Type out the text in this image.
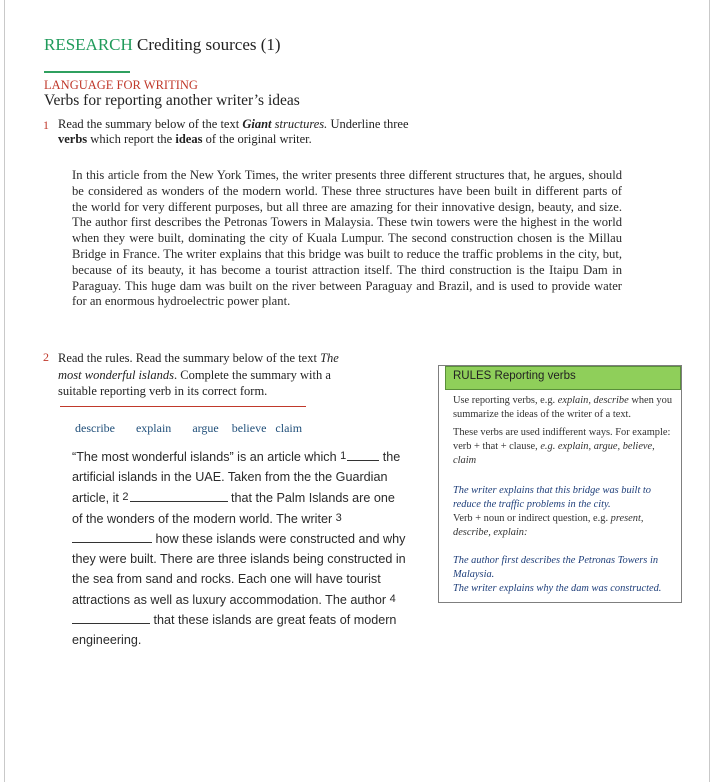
RESEARCH Crediting sources (1)
LANGUAGE FOR WRITING
Verbs for reporting another writer’s ideas
1 Read the summary below of the text Giant structures. Underline three verbs which report the ideas of the original writer.
In this article from the New York Times, the writer presents three different structures that, he argues, should be considered as wonders of the modern world. These three structures have been built in different parts of the world for very different purposes, but all three are amazing for their innovative design, beauty, and size. The author first describes the Petronas Towers in Malaysia. These twin towers were the highest in the world when they were built, dominating the city of Kuala Lumpur. The second construction chosen is the Millau Bridge in France. The writer explains that this bridge was built to reduce the traffic problems in the city, but, because of its beauty, it has become a tourist attraction itself. The third construction is the Itaipu Dam in Paraguay. This huge dam was built on the river between Paraguay and Brazil, and is used to provide water for an enormous hydroelectric power plant.
2 Read the rules. Read the summary below of the text The most wonderful islands. Complete the summary with a suitable reporting verb in its correct form.
describe explain argue believe claim
“The most wonderful islands” is an article which 1	the artificial islands in the UAE. Taken from the the Guardian article, it 2	that the Palm Islands are one of the wonders of the modern world. The writer 3 how these islands were constructed and why they were built. There are three islands being constructed in the sea from sand and rocks. Each one will have tourist attractions as well as luxury accommodation. The author 4 that these islands are great feats of modern engineering.
RULES Reporting verbs
Use reporting verbs, e.g. explain, describe when you summarize the ideas of the writer of a text.
These verbs are used indifferent ways. For example: verb + that + clause, e.g. explain, argue, believe, claim
The writer explains that this bridge was built to reduce the traffic problems in the city.
Verb + noun or indirect question, e.g. present, describe, explain:
The author first describes the Petronas Towers in Malaysia.
The writer explains why the dam was constructed.
